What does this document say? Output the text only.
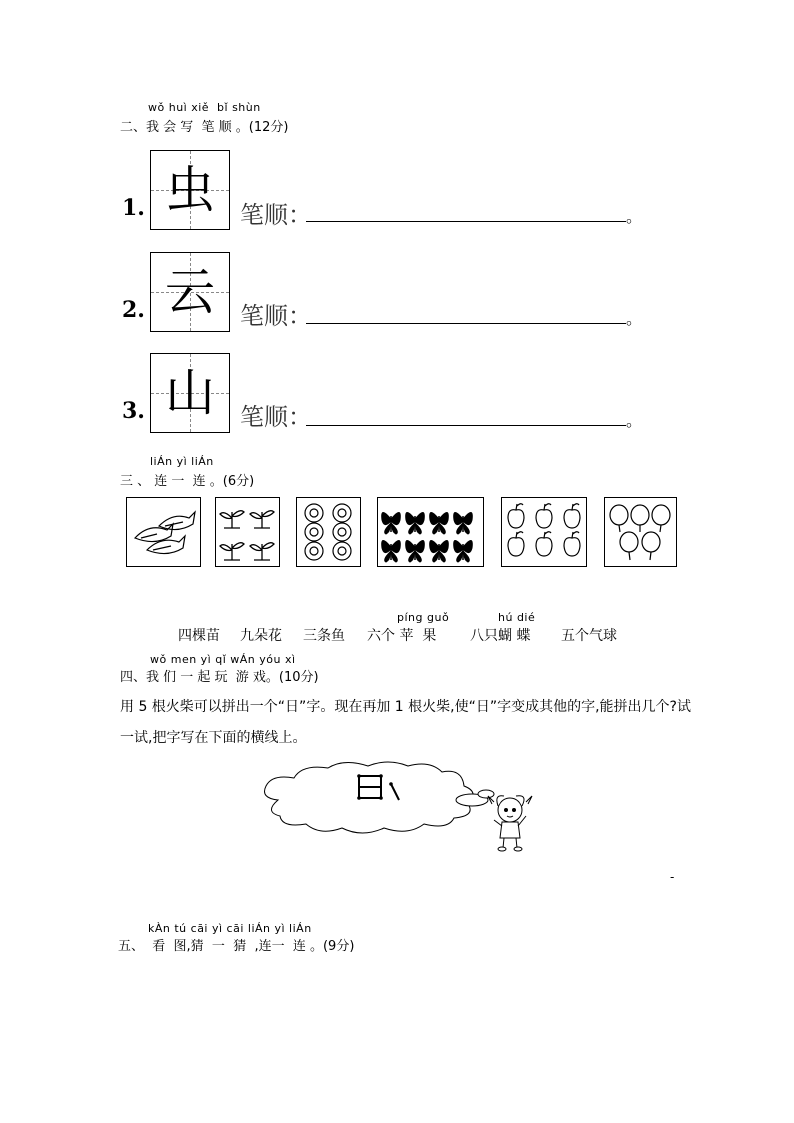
wǒ huì xiě  bǐ shùn
二、我 会 写  笔 顺 。(12分)
1. 虫	笔顺：	。
2. 云	笔顺：	。
3. 山	笔顺：	。
liÁn yì liÁn
三 、 连 一  连 。(6分)
píng guǒ	hú dié
四棵苗 九朵花 三条鱼 六个 苹  果 八只蝴 蝶 五个气球
wǒ men yì qǐ wÁn yóu xì
四、我 们 一 起 玩  游 戏。(10分)
用 5 根火柴可以拼出一个“日”字。现在再加 1 根火柴,使“日”字变成其他的字,能拼出几个?试
一试,把字写在下面的横线上。
-
kÀn tú cāi yì cāi liÁn yì liÁn
五、  看  图,猜  一  猜  ,连一  连 。(9分)
